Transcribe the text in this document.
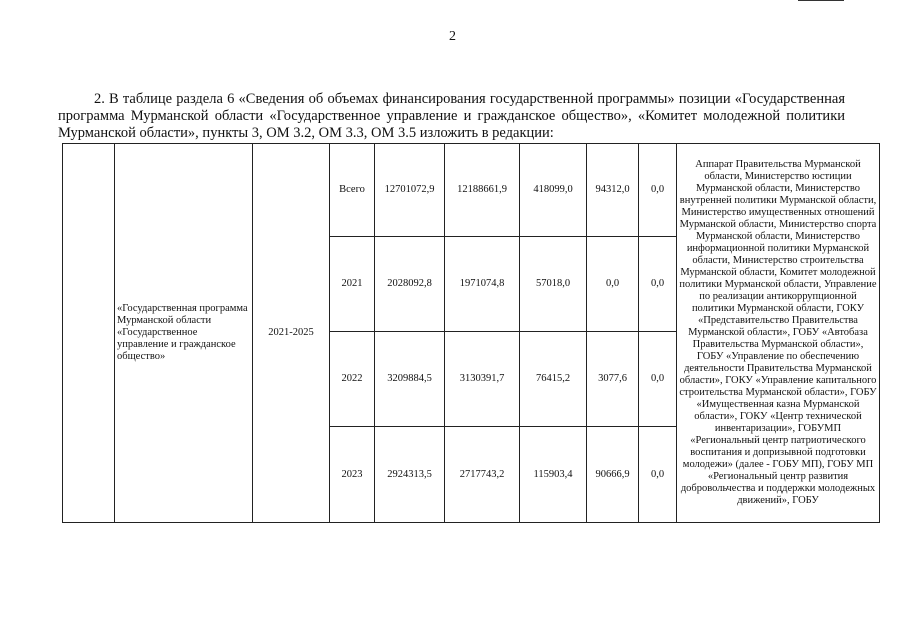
2
2. В таблице раздела 6 «Сведения об объемах финансирования государственной программы» позиции «Государственная программа Мурманской области «Государственное управление и гражданское общество», «Комитет молодежной политики Мурманской области», пункты 3, ОМ 3.2, ОМ 3.3, ОМ 3.5 изложить в редакции:
	«Государственная программа Мурманской области «Государственное управление и гражданское общество»	2021-2025	Всего	12701072,9	12188661,9	418099,0	94312,0	0,0	Аппарат Правительства Мурманской области, Министерство юстиции Мурманской области, Министерство внутренней политики Мурманской области, Министерство имущественных отношений Мурманской области, Министерство спорта Мурманской области, Министерство информационной политики Мурманской области, Министерство строительства Мурманской области, Комитет молодежной политики Мурманской области, Управление по реализации антикоррупционной политики Мурманской области, ГОКУ «Представительство Правительства Мурманской области», ГОБУ «Автобаза Правительства Мурманской области», ГОБУ «Управление по обеспечению деятельности Правительства Мурманской области», ГОКУ «Управление капитального строительства Мурманской области», ГОБУ «Имущественная казна Мурманской области», ГОКУ «Центр технической инвентаризации», ГОБУМП «Региональный центр патриотического воспитания и допризывной подготовки молодежи» (далее - ГОБУ МП), ГОБУ МП «Региональный центр развития добровольчества и поддержки молодежных движений», ГОБУ
			2021	2028092,8	1971074,8	57018,0	0,0	0,0	
			2022	3209884,5	3130391,7	76415,2	3077,6	0,0	
			2023	2924313,5	2717743,2	115903,4	90666,9	0,0	
